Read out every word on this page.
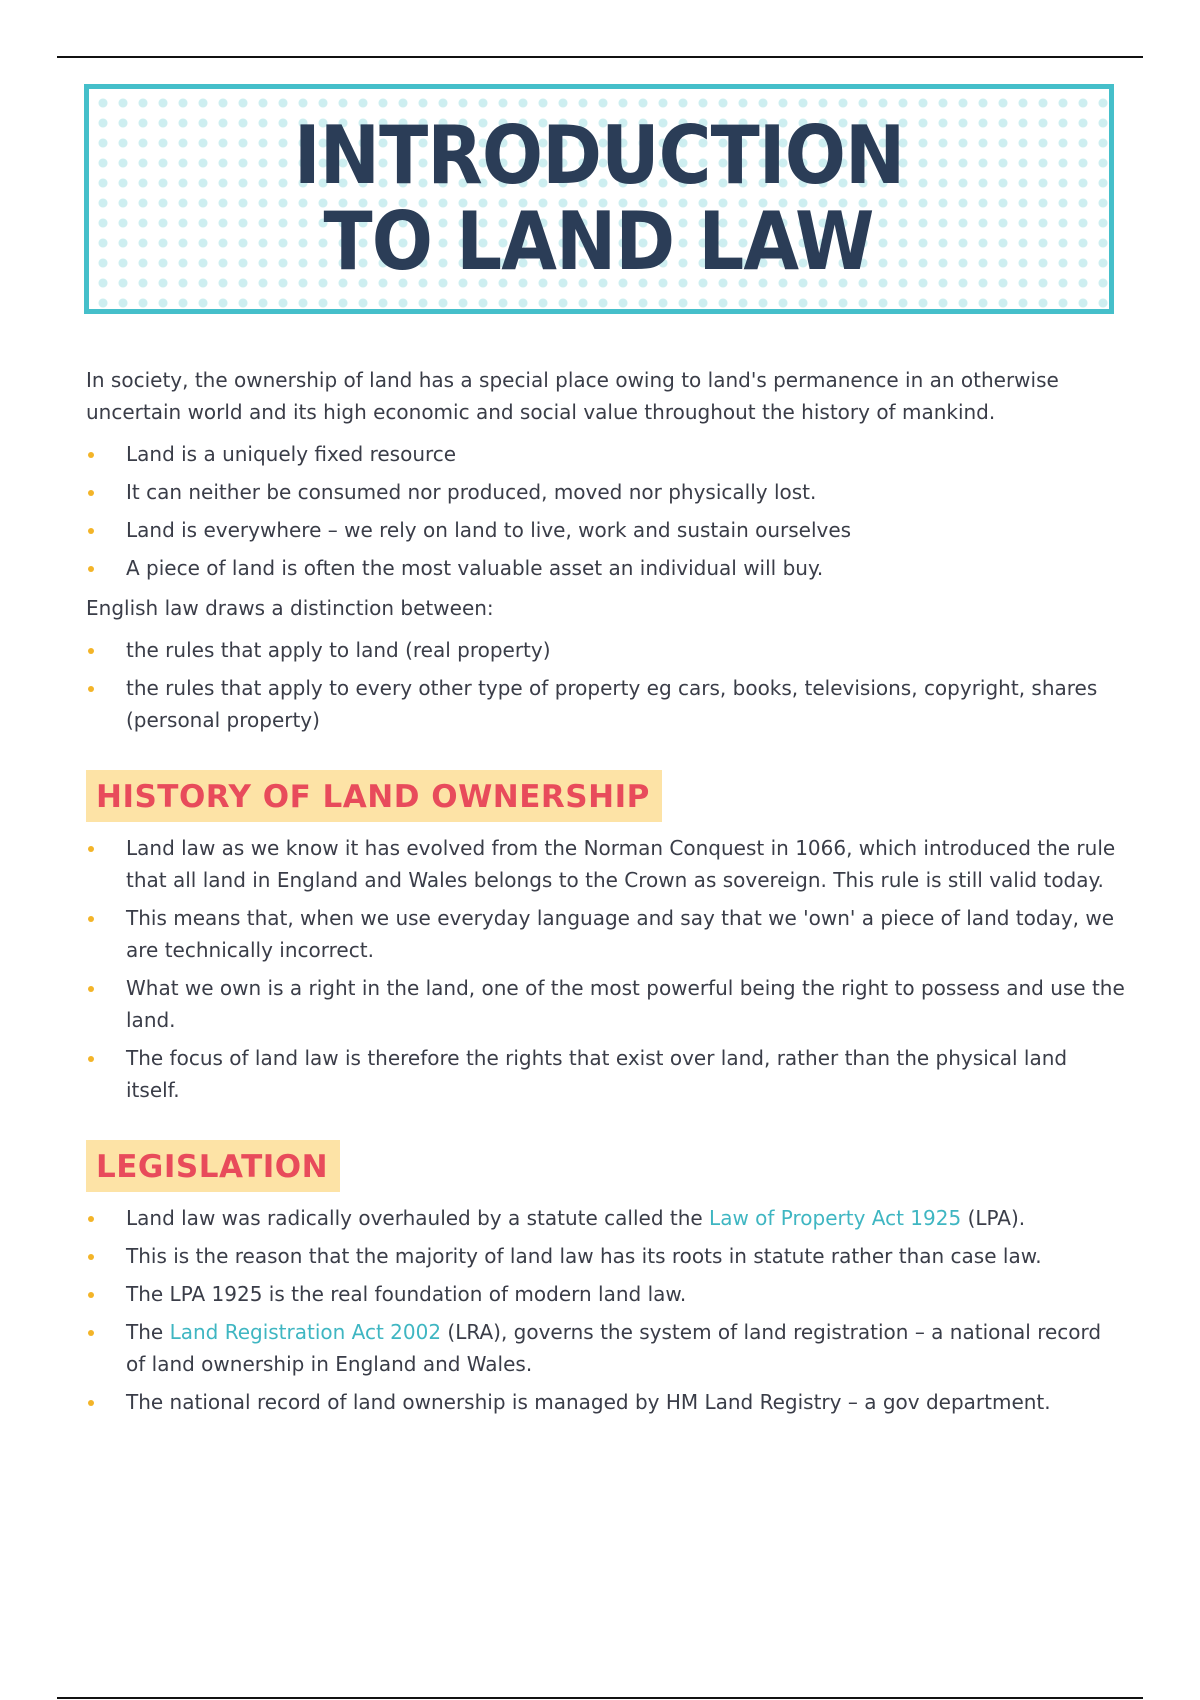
INTRODUCTION
TO LAND LAW

In society, the ownership of land has a special place owing to land's permanence in an otherwise uncertain world and its high economic and social value throughout the history of mankind.

Land is a uniquely fixed resource
It can neither be consumed nor produced, moved nor physically lost.
Land is everywhere – we rely on land to live, work and sustain ourselves
A piece of land is often the most valuable asset an individual will buy.

English law draws a distinction between:

the rules that apply to land (real property)
the rules that apply to every other type of property eg cars, books, televisions, copyright, shares (personal property)
HISTORY OF LAND OWNERSHIP
Land law as we know it has evolved from the Norman Conquest in 1066, which introduced the rule that all land in England and Wales belongs to the Crown as sovereign. This rule is still valid today.
This means that, when we use everyday language and say that we 'own' a piece of land today, we are technically incorrect.
What we own is a right in the land, one of the most powerful being the right to possess and use the land.
The focus of land law is therefore the rights that exist over land, rather than the physical land itself.
LEGISLATION
Land law was radically overhauled by a statute called the Law of Property Act 1925 (LPA).
This is the reason that the majority of land law has its roots in statute rather than case law.
The LPA 1925 is the real foundation of modern land law.
The Land Registration Act 2002 (LRA), governs the system of land registration – a national record of land ownership in England and Wales.
The national record of land ownership is managed by HM Land Registry – a gov department.
